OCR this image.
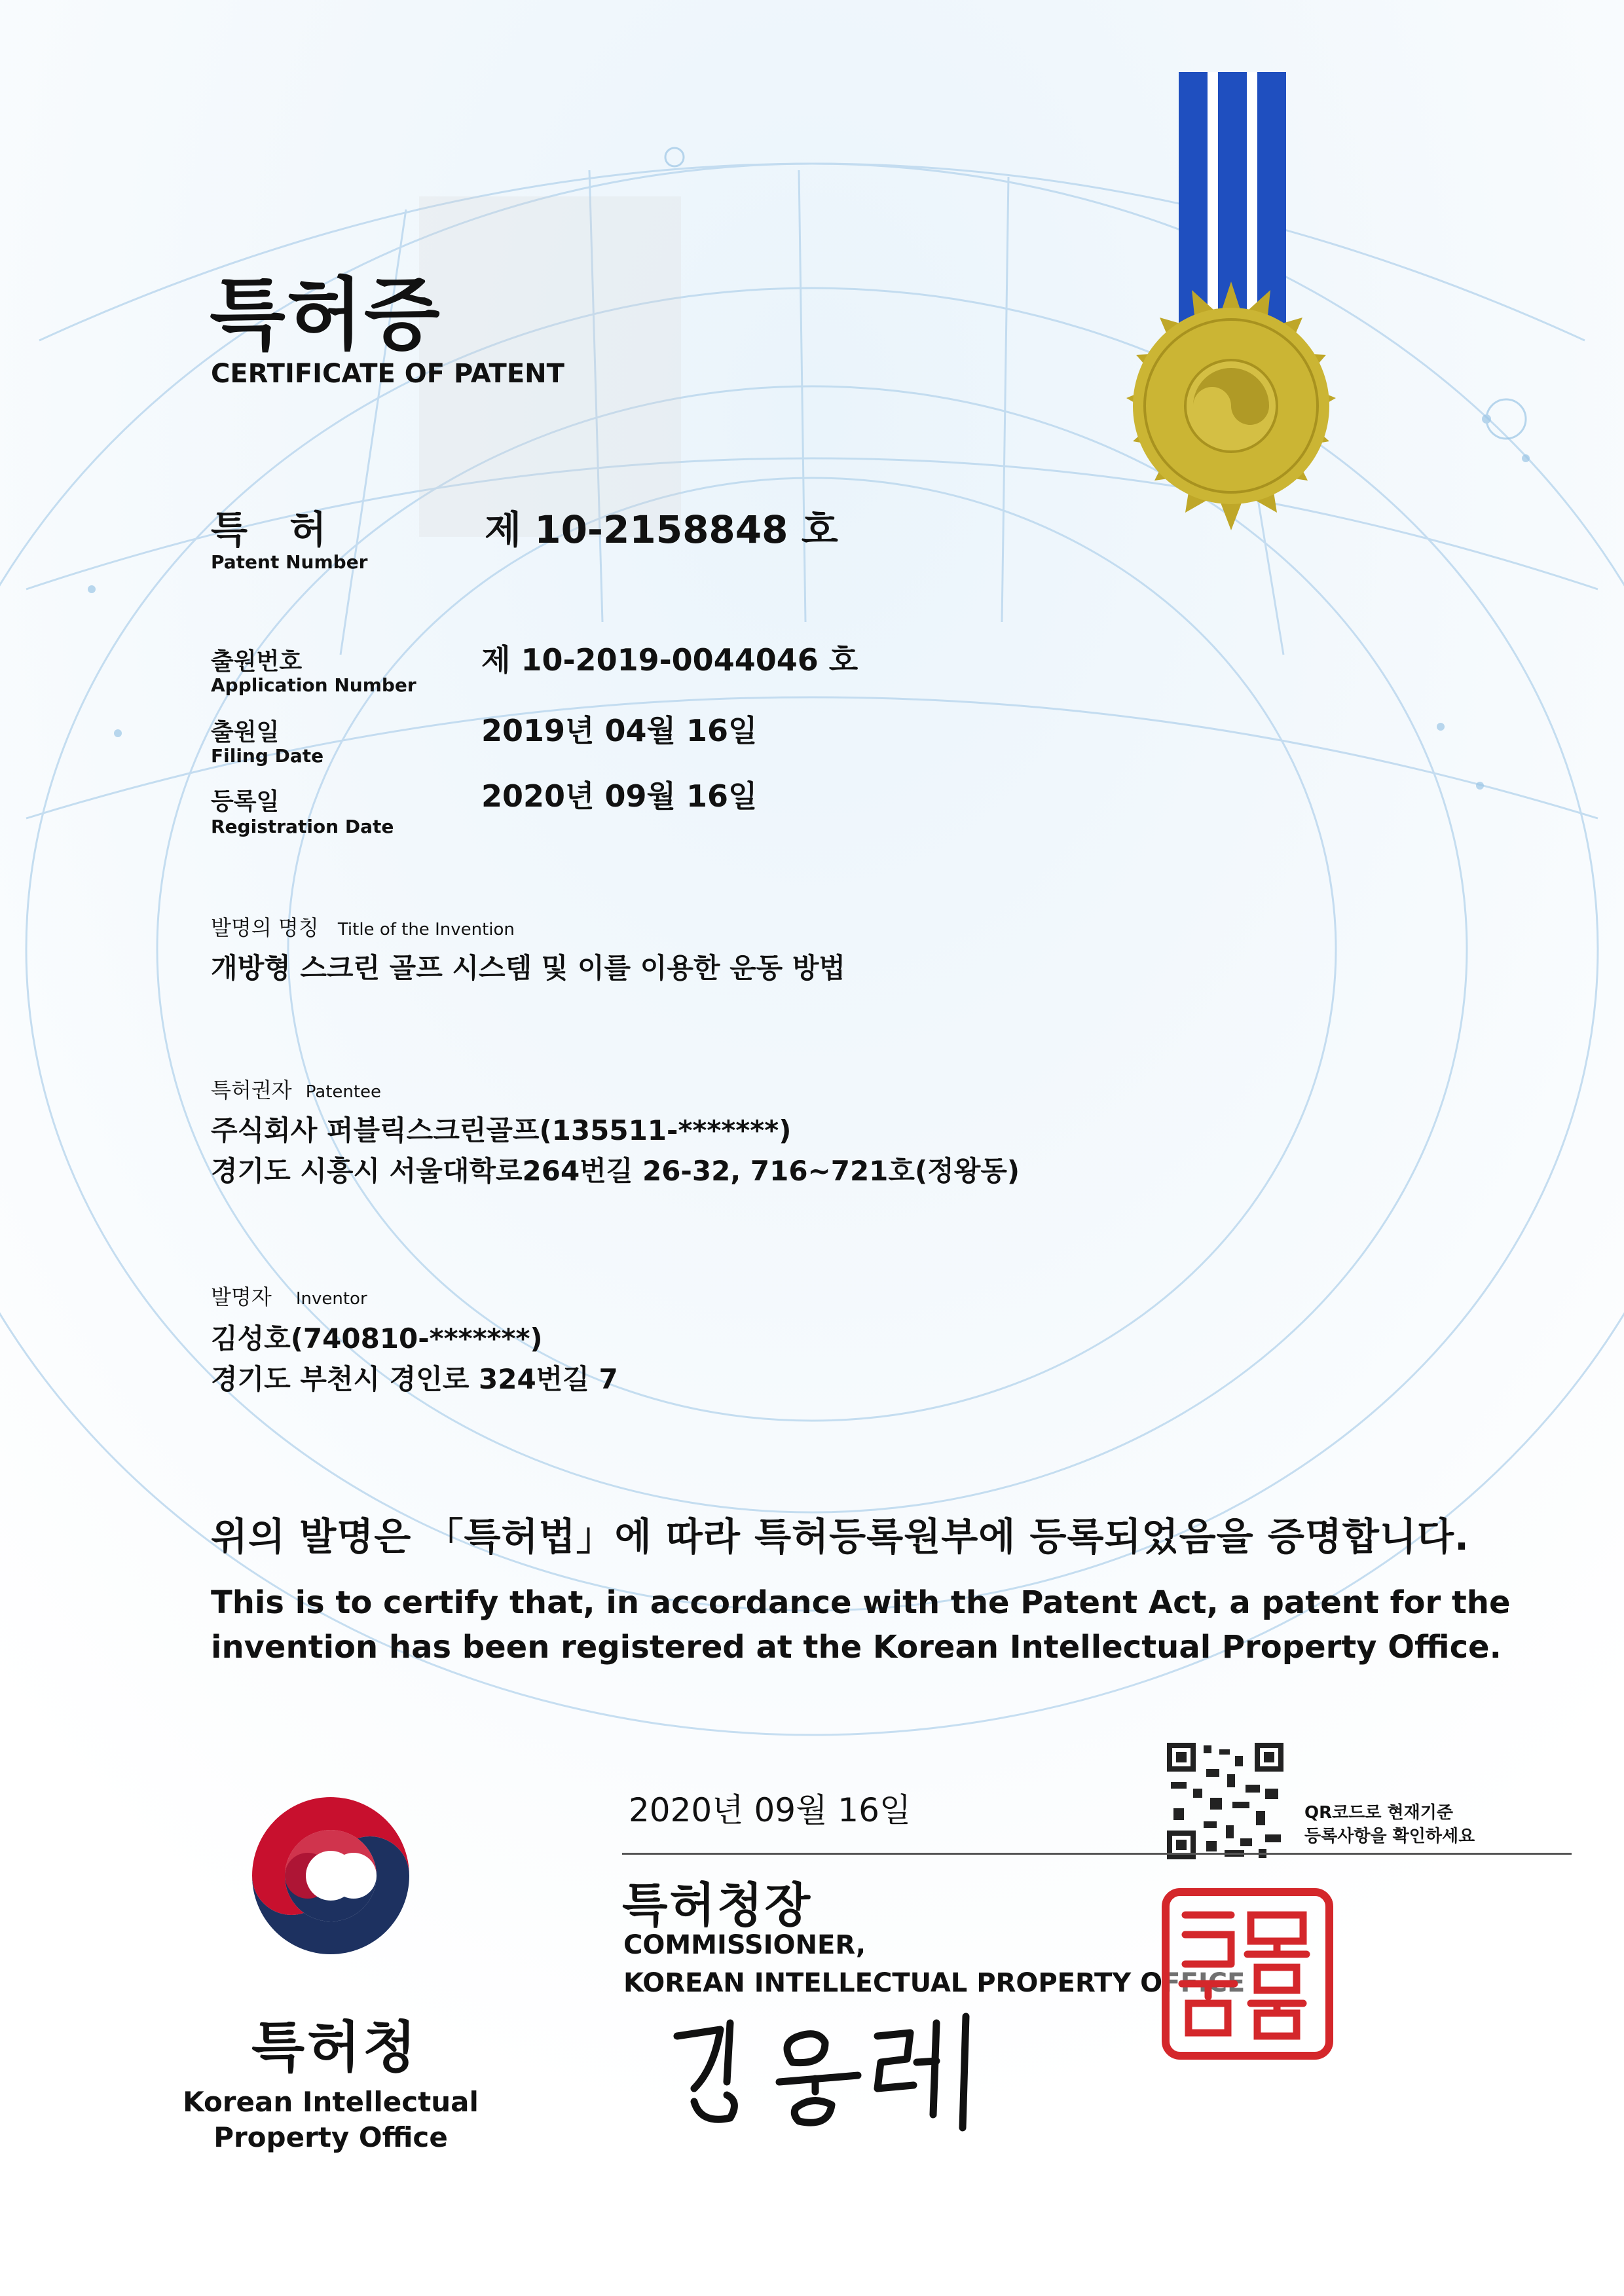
특허증
CERTIFICATE OF PATENT
특 허
Patent Number
제 10-2158848 호
출원번호
Application Number
제 10-2019-0044046 호
출원일
Filing Date
2019년 04월 16일
등록일
Registration Date
2020년 09월 16일
발명의 명칭 Title of the Invention
개방형 스크린 골프 시스템 및 이를 이용한 운동 방법
특허권자 Patentee
주식회사 퍼블릭스크린골프(135511-*******)
경기도 시흥시 서울대학로264번길 26-32, 716~721호(정왕동)
발명자 Inventor
김성호(740810-*******)
경기도 부천시 경인로 324번길 7
위의 발명은 「특허법」에 따라 특허등록원부에 등록되었음을 증명합니다.
This is to certify that, in accordance with the Patent Act, a patent for the
invention has been registered at the Korean Intellectual Property Office.
2020년 09월 16일	QR코드로 현재기준
등록사항을 확인하세요
특허청장
COMMISSIONER,
KOREAN INTELLECTUAL PROPERTY OFFICE
특허청
Korean Intellectual
Property Office
